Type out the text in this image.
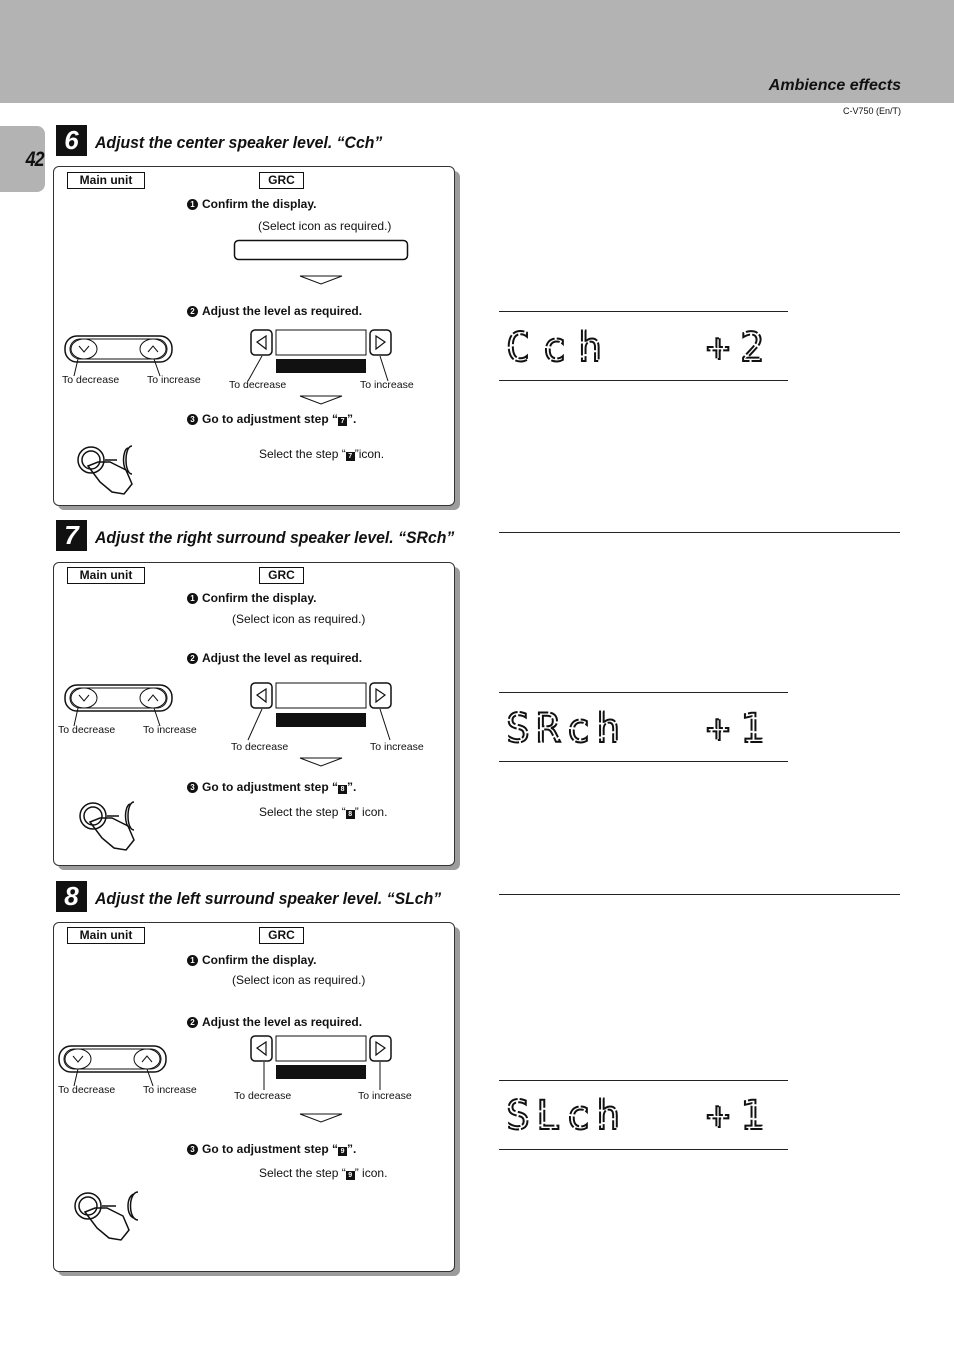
Ambience effects
C-V750 (En/T)
42
6 Adjust the center speaker level. “Cch”
Main unit	GRC
1 Confirm the display.
(Select icon as required.)
2 Adjust the level as required.
To decrease	To increase	To decrease	To increase
3 Go to adjustment step “ 7 ”.
Select the step “ 7 ”icon.
7 Adjust the right surround speaker level. “SRch”
Main unit	GRC
1 Confirm the display.
(Select icon as required.)
2 Adjust the level as required.
To decrease	To increase
To decrease	To increase
3 Go to adjustment step “ 8 ”.
Select the step “ 8 ” icon.
8 Adjust the left surround speaker level. “SLch”
Main unit	GRC
1 Confirm the display.
(Select icon as required.)
2 Adjust the level as required.
To decrease	To increase	To decrease	To increase
3 Go to adjustment step “ 9 ”.
Select the step “ 9 ” icon.
Cch +2
SRch +1
SLch +1
